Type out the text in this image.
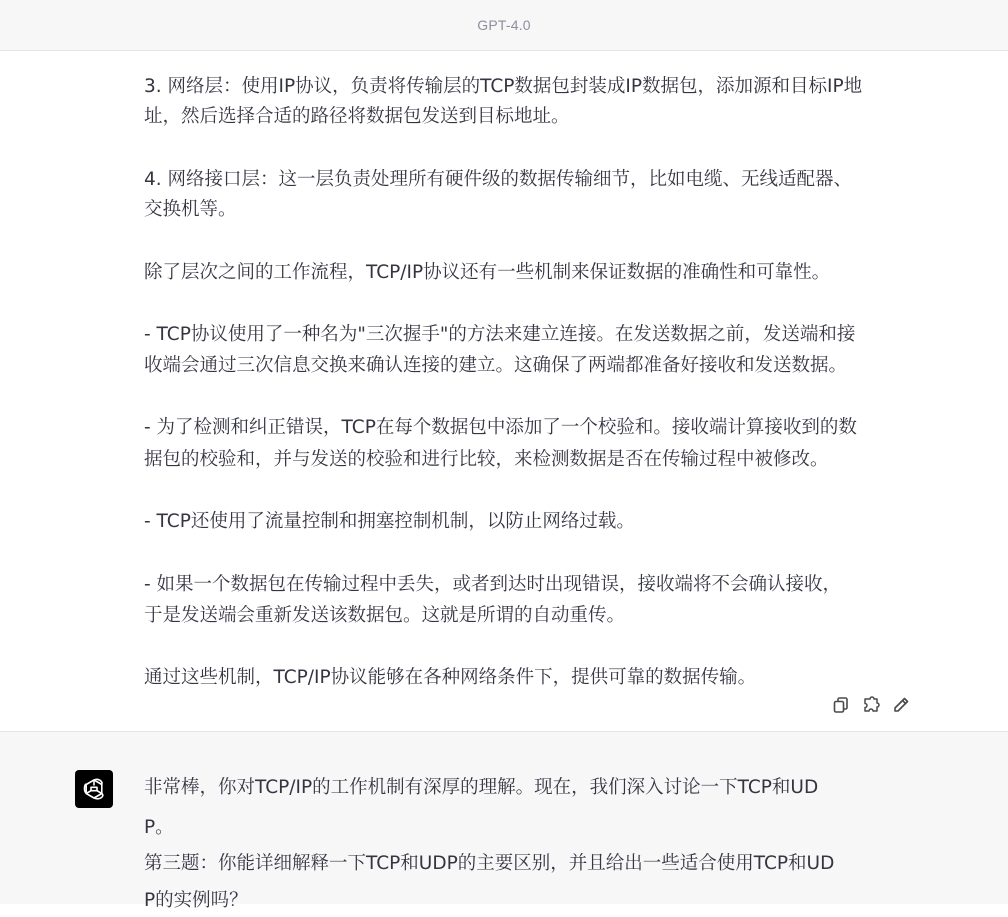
GPT-4.0

3. 网络层：使用IP协议，负责将传输层的TCP数据包封装成IP数据包，添加源和目标IP地

址，然后选择合适的路径将数据包发送到目标地址。

4. 网络接口层：这一层负责处理所有硬件级的数据传输细节，比如电缆、无线适配器、

交换机等。

除了层次之间的工作流程，TCP/IP协议还有一些机制来保证数据的准确性和可靠性。

- TCP协议使用了一种名为"三次握手"的方法来建立连接。在发送数据之前，发送端和接

收端会通过三次信息交换来确认连接的建立。这确保了两端都准备好接收和发送数据。

- 为了检测和纠正错误，TCP在每个数据包中添加了一个校验和。接收端计算接收到的数

据包的校验和，并与发送的校验和进行比较，来检测数据是否在传输过程中被修改。

- TCP还使用了流量控制和拥塞控制机制，以防止网络过载。

- 如果一个数据包在传输过程中丢失，或者到达时出现错误，接收端将不会确认接收，

于是发送端会重新发送该数据包。这就是所谓的自动重传。

通过这些机制，TCP/IP协议能够在各种网络条件下，提供可靠的数据传输。

非常棒，你对TCP/IP的工作机制有深厚的理解。现在，我们深入讨论一下TCP和UD

P。

第三题：你能详细解释一下TCP和UDP的主要区别，并且给出一些适合使用TCP和UD

P的实例吗？
